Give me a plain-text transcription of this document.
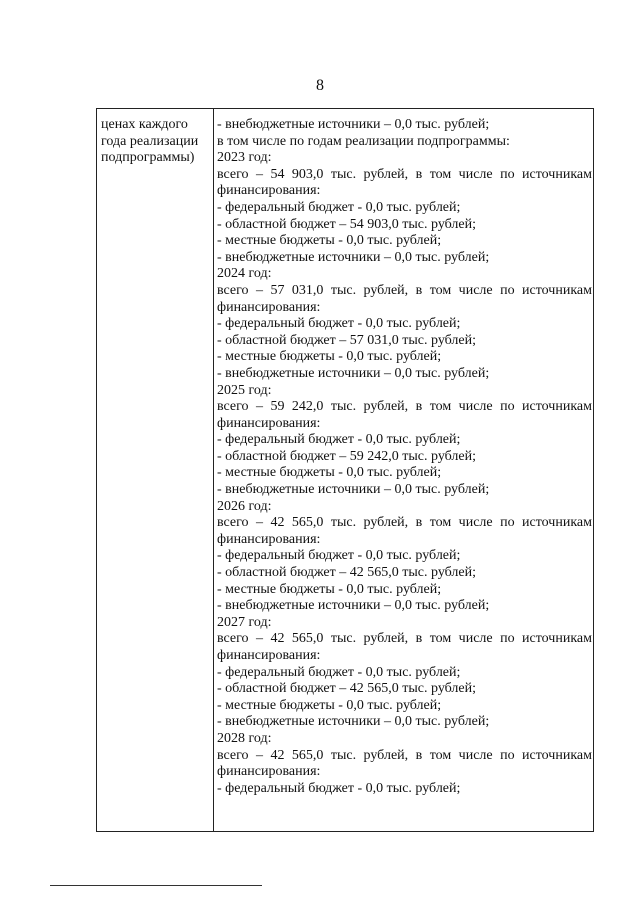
8
ценах каждого
года реализации
подпрограммы)
- внебюджетные источники – 0,0 тыс. рублей;
в том числе по годам реализации подпрограммы:
2023 год:
всего – 54 903,0 тыс. рублей, в том числе по источникам
финансирования:
- федеральный бюджет - 0,0 тыс. рублей;
- областной бюджет – 54 903,0 тыс. рублей;
- местные бюджеты - 0,0 тыс. рублей;
- внебюджетные источники – 0,0 тыс. рублей;
2024 год:
всего – 57 031,0 тыс. рублей, в том числе по источникам
финансирования:
- федеральный бюджет - 0,0 тыс. рублей;
- областной бюджет – 57 031,0 тыс. рублей;
- местные бюджеты - 0,0 тыс. рублей;
- внебюджетные источники – 0,0 тыс. рублей;
2025 год:
всего – 59 242,0 тыс. рублей, в том числе по источникам
финансирования:
- федеральный бюджет - 0,0 тыс. рублей;
- областной бюджет – 59 242,0 тыс. рублей;
- местные бюджеты - 0,0 тыс. рублей;
- внебюджетные источники – 0,0 тыс. рублей;
2026 год:
всего – 42 565,0 тыс. рублей, в том числе по источникам
финансирования:
- федеральный бюджет - 0,0 тыс. рублей;
- областной бюджет – 42 565,0 тыс. рублей;
- местные бюджеты - 0,0 тыс. рублей;
- внебюджетные источники – 0,0 тыс. рублей;
2027 год:
всего – 42 565,0 тыс. рублей, в том числе по источникам
финансирования:
- федеральный бюджет - 0,0 тыс. рублей;
- областной бюджет – 42 565,0 тыс. рублей;
- местные бюджеты - 0,0 тыс. рублей;
- внебюджетные источники – 0,0 тыс. рублей;
2028 год:
всего – 42 565,0 тыс. рублей, в том числе по источникам
финансирования:
- федеральный бюджет - 0,0 тыс. рублей;
